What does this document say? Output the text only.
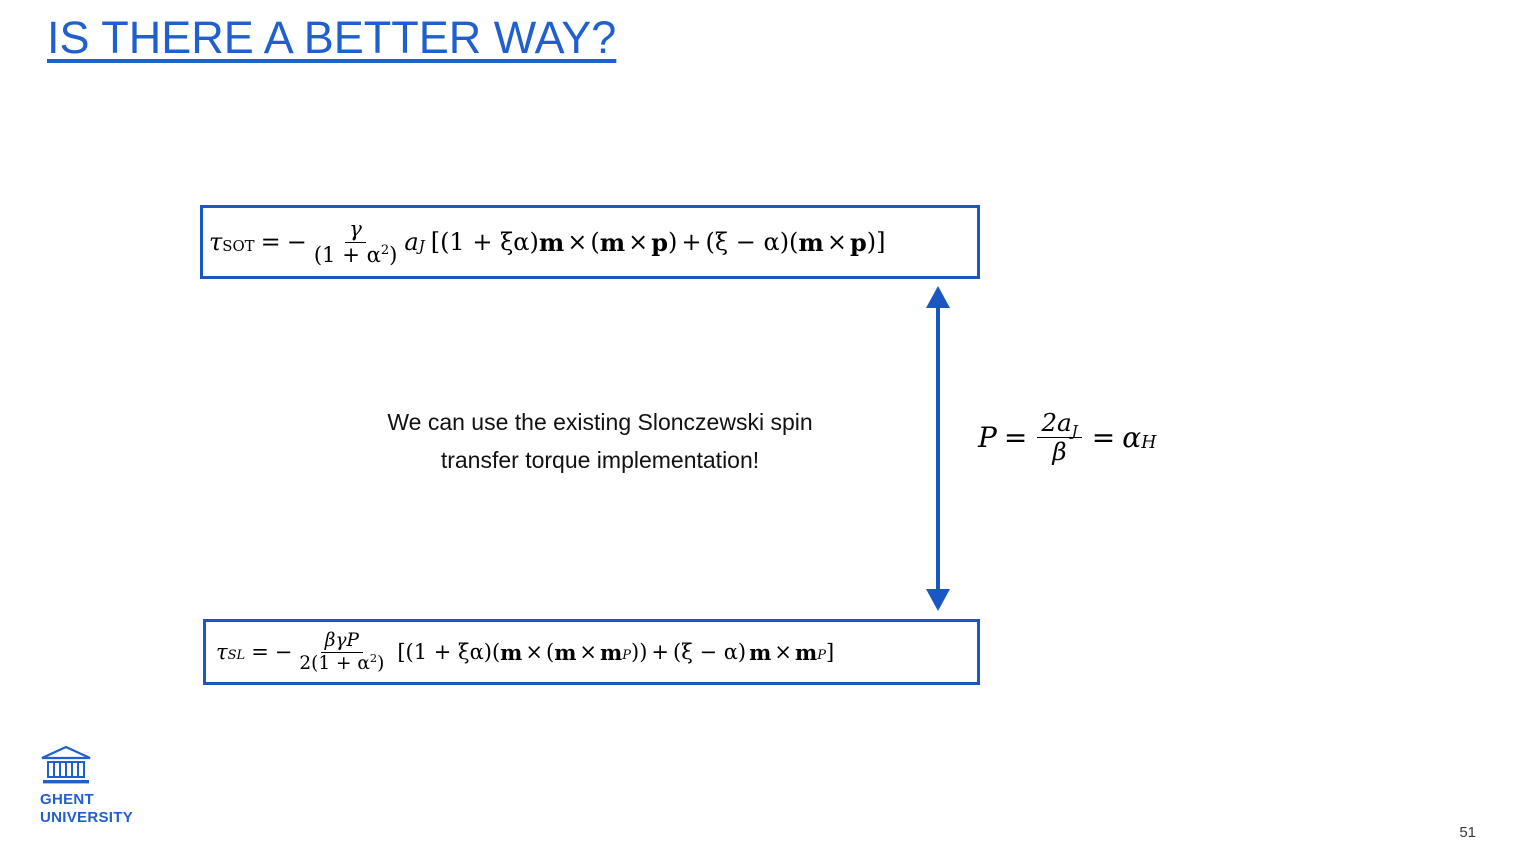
IS THERE A BETTER WAY?
τ SOT = − $\frac{\gamma}{(1 + \alpha^2)}$ a J [(1 + ξα) m × ( m × p ) + (ξ − α)( m × p )]
We can use the existing Slonczewski spin
transfer torque implementation!
$P = \frac{2aJ}{\beta} = \alpha$ H
τ SL = − $\frac{\text{βγP}}{2(1 + \alpha^2)} [(1 + \xi\alpha)$( m × ( m × m P )) + (ξ − α) m × m P ]
GHENT
UNIVERSITY
51
